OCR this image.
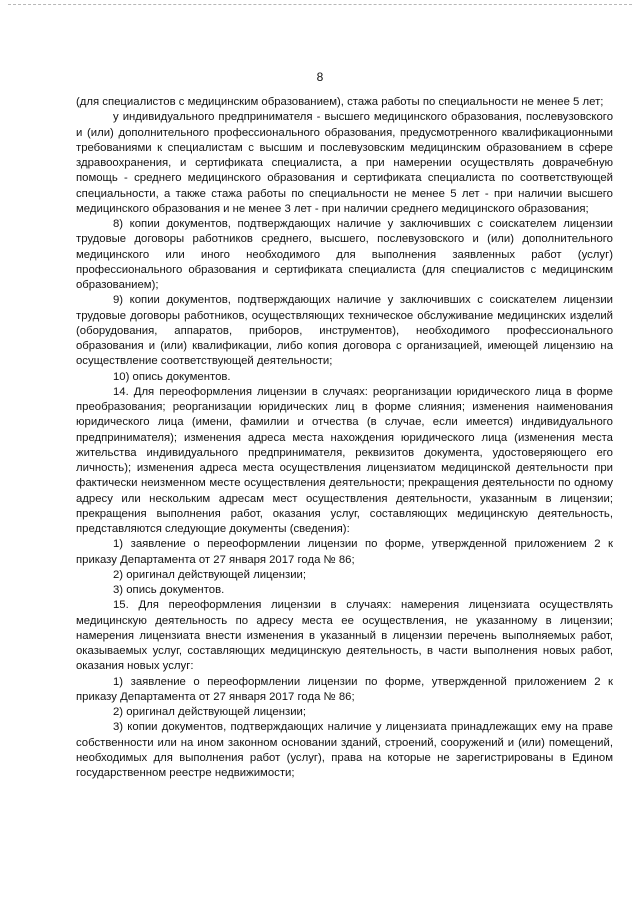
8

(для специалистов с медицинским образованием), стажа работы по специальности не менее 5 лет;

у индивидуального предпринимателя - высшего медицинского образования, послевузовского и (или) дополнительного профессионального образования, предусмотренного квалификационными требованиями к специалистам с высшим и послевузовским медицинским образованием в сфере здравоохранения, и сертификата специалиста, а при намерении осуществлять доврачебную помощь - среднего медицинского образования и сертификата специалиста по соответствующей специальности, а также стажа работы по специальности не менее 5 лет - при наличии высшего медицинского образования и не менее 3 лет - при наличии среднего медицинского образования;

8) копии документов, подтверждающих наличие у заключивших с соискателем лицензии трудовые договоры работников среднего, высшего, послевузовского и (или) дополнительного медицинского или иного необходимого для выполнения заявленных работ (услуг) профессионального образования и сертификата специалиста (для специалистов с медицинским образованием);

9) копии документов, подтверждающих наличие у заключивших с соискателем лицензии трудовые договоры работников, осуществляющих техническое обслуживание медицинских изделий (оборудования, аппаратов, приборов, инструментов), необходимого профессионального образования и (или) квалификации, либо копия договора с организацией, имеющей лицензию на осуществление соответствующей деятельности;

10) опись документов.

14. Для переоформления лицензии в случаях: реорганизации юридического лица в форме преобразования; реорганизации юридических лиц в форме слияния; изменения наименования юридического лица (имени, фамилии и отчества (в случае, если имеется) индивидуального предпринимателя); изменения адреса места нахождения юридического лица (изменения места жительства индивидуального предпринимателя, реквизитов документа, удостоверяющего его личность); изменения адреса места осуществления лицензиатом медицинской деятельности при фактически неизменном месте осуществления деятельности; прекращения деятельности по одному адресу или нескольким адресам мест осуществления деятельности, указанным в лицензии; прекращения выполнения работ, оказания услуг, составляющих медицинскую деятельность, представляются следующие документы (сведения):

1) заявление о переоформлении лицензии по форме, утвержденной приложением 2 к приказу Департамента от 27 января 2017 года № 86;

2) оригинал действующей лицензии;

3) опись документов.

15. Для переоформления лицензии в случаях: намерения лицензиата осуществлять медицинскую деятельность по адресу места ее осуществления, не указанному в лицензии; намерения лицензиата внести изменения в указанный в лицензии перечень выполняемых работ, оказываемых услуг, составляющих медицинскую деятельность, в части выполнения новых работ, оказания новых услуг:

1) заявление о переоформлении лицензии по форме, утвержденной приложением 2 к приказу Департамента от 27 января 2017 года № 86;

2) оригинал действующей лицензии;

3) копии документов, подтверждающих наличие у лицензиата принадлежащих ему на праве собственности или на ином законном основании зданий, строений, сооружений и (или) помещений, необходимых для выполнения работ (услуг), права на которые не зарегистрированы в Едином государственном реестре недвижимости;
